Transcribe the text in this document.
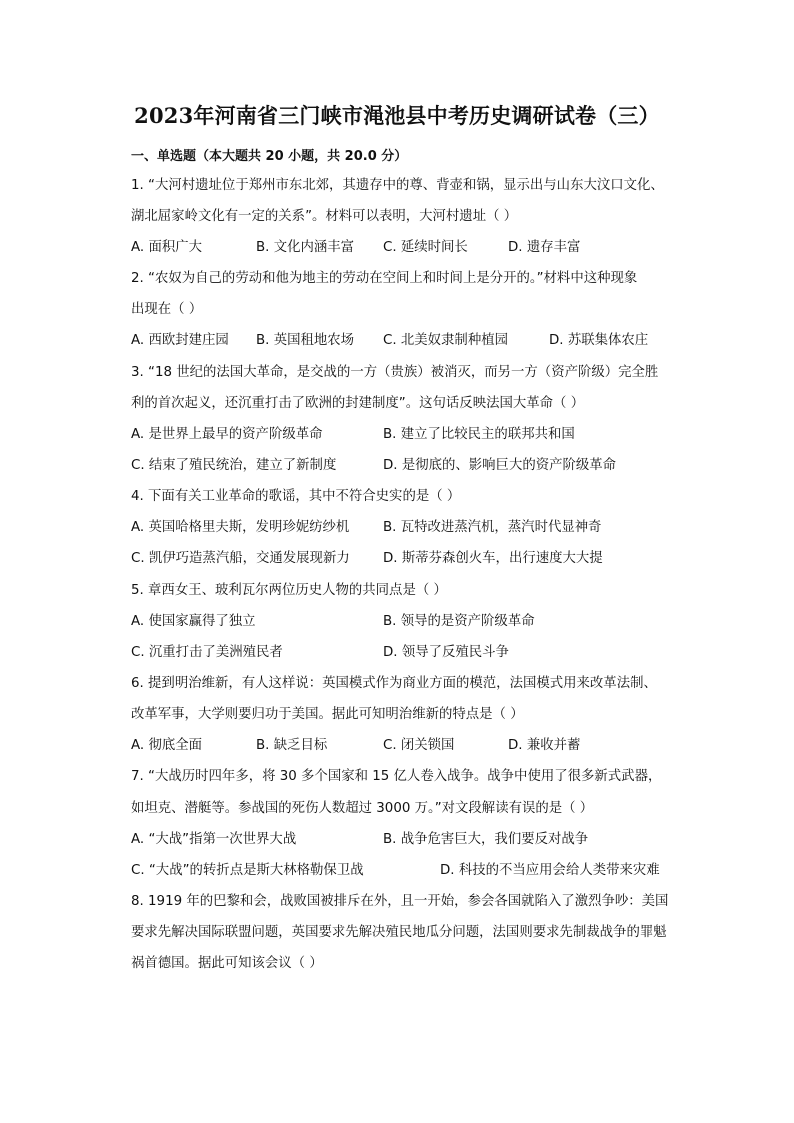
2023年河南省三门峡市渑池县中考历史调研试卷（三）
一、单选题（本大题共 20 小题，共 20.0 分）
1. “大河村遗址位于郑州市东北郊，其遗存中的尊、背壶和锅，显示出与山东大汶口文化、
湖北屈家岭文化有一定的关系”。材料可以表明，大河村遗址（ ）
A. 面积广大	B. 文化内涵丰富 C. 延续时间长	D. 遗存丰富
2. “农奴为自己的劳动和他为地主的劳动在空间上和时间上是分开的。”材料中这种现象
出现在（ ）
A. 西欧封建庄园 B. 英国租地农场 C. 北美奴隶制种植园	D. 苏联集体农庄
3. “18 世纪的法国大革命，是交战的一方（贵族）被消灭，而另一方（资产阶级）完全胜
利的首次起义，还沉重打击了欧洲的封建制度”。这句话反映法国大革命（ ）
A. 是世界上最早的资产阶级革命	B. 建立了比较民主的联邦共和国
C. 结束了殖民统治，建立了新制度	D. 是彻底的、影响巨大的资产阶级革命
4. 下面有关工业革命的歌谣，其中不符合史实的是（ ）
A. 英国哈格里夫斯，发明珍妮纺纱机	B. 瓦特改进蒸汽机，蒸汽时代显神奇
C. 凯伊巧造蒸汽船，交通发展现新力 D. 斯蒂芬森创火车，出行速度大大提
5. 章西女王、玻利瓦尔两位历史人物的共同点是（ ）
A. 使国家赢得了独立	B. 领导的是资产阶级革命
C. 沉重打击了美洲殖民者	D. 领导了反殖民斗争
6. 提到明治维新，有人这样说：英国模式作为商业方面的模范，法国模式用来改革法制、
改革军事，大学则要归功于美国。据此可知明治维新的特点是（ ）
A. 彻底全面	B. 缺乏目标	C. 闭关锁国	D. 兼收并蓄
7. “大战历时四年多，将 30 多个国家和 15 亿人卷入战争。战争中使用了很多新式武器，
如坦克、潜艇等。参战国的死伤人数超过 3000 万。”对文段解读有误的是（ ）
A. “大战”指第一次世界大战	B. 战争危害巨大，我们要反对战争
C. “大战”的转折点是斯大林格勒保卫战	D. 科技的不当应用会给人类带来灾难
8. 1919 年的巴黎和会，战败国被排斥在外，且一开始，参会各国就陷入了激烈争吵：美国
要求先解决国际联盟问题，英国要求先解决殖民地瓜分问题，法国则要求先制裁战争的罪魁
祸首德国。据此可知该会议（ ）
